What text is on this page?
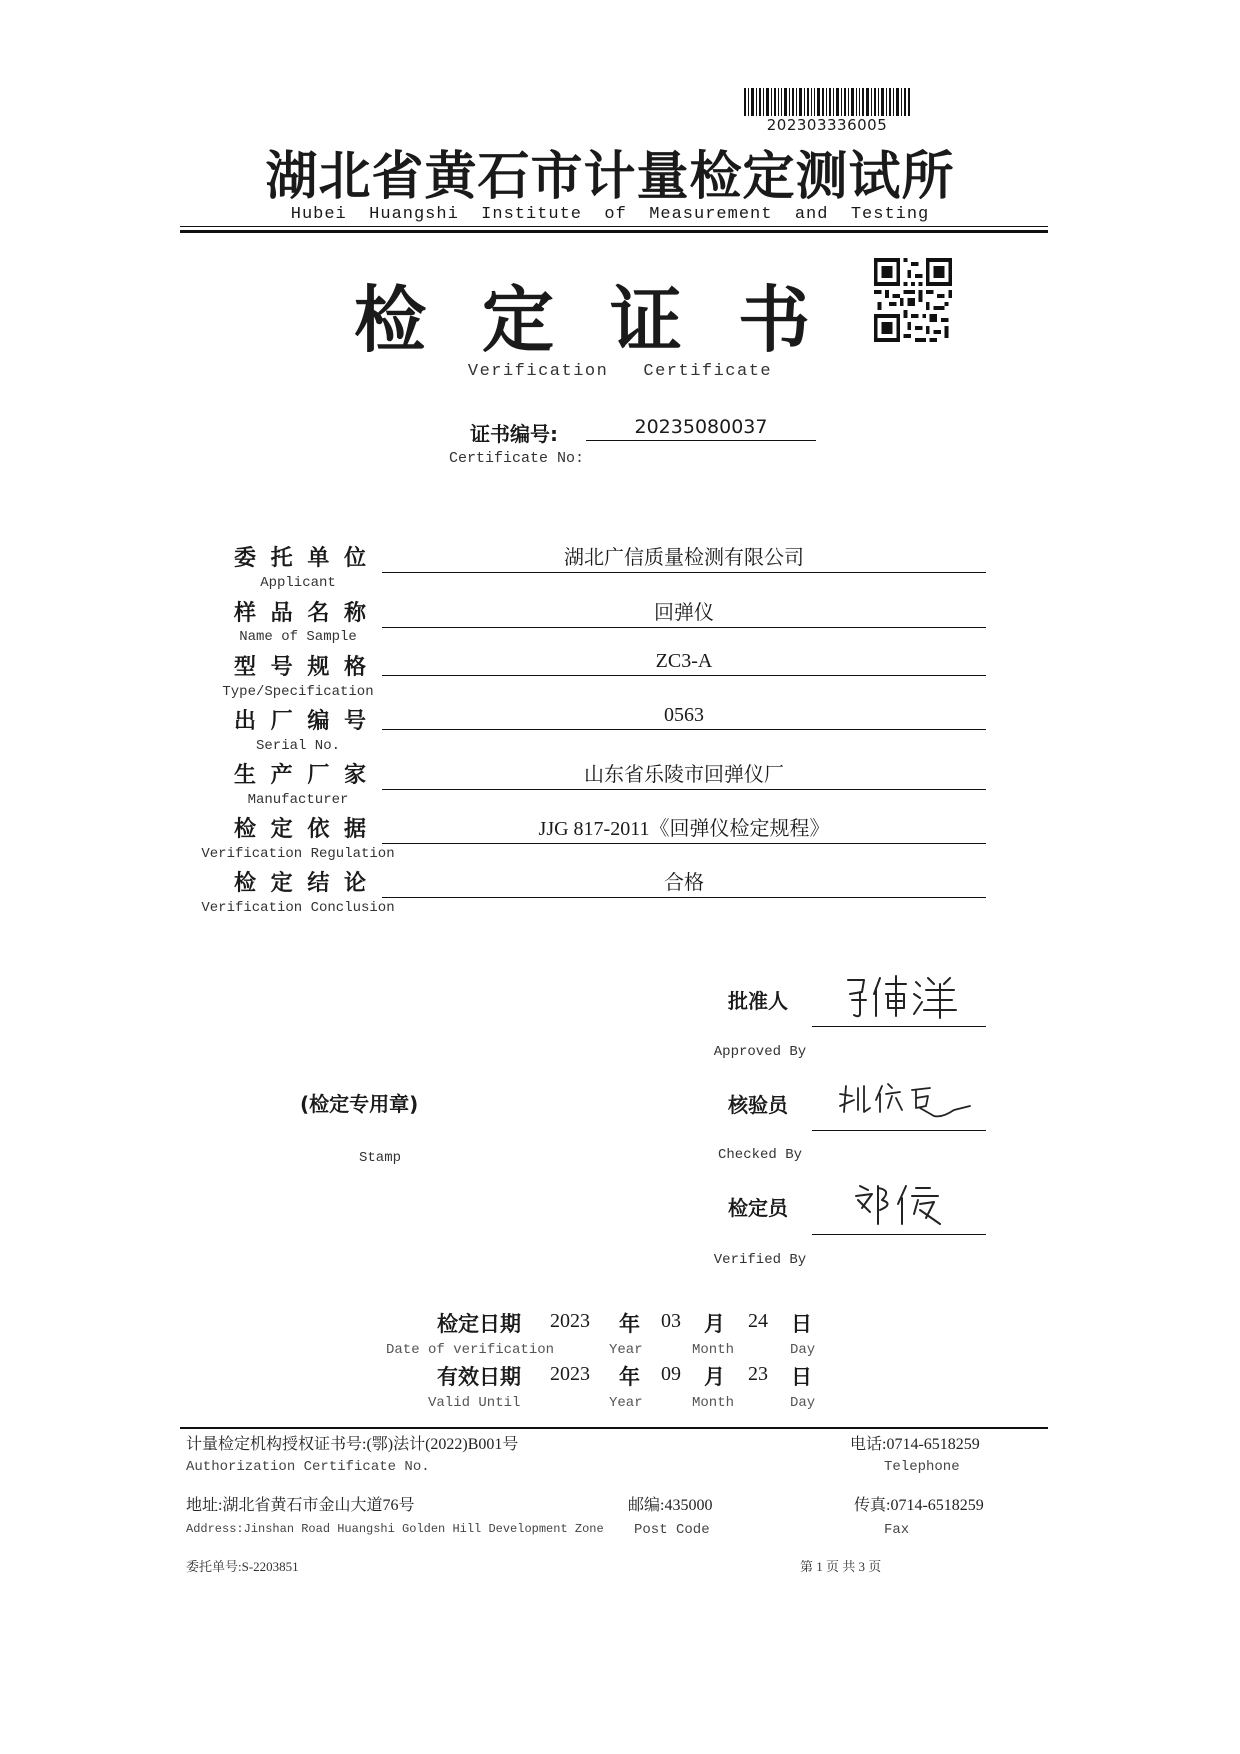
202303336005
湖北省黄石市计量检定测试所
Hubei  Huangshi  Institute  of  Measurement  and  Testing
检定证书
Verification   Certificate
证书编号:	20235080037
Certificate No:
委托单位	湖北广信质量检测有限公司
Applicant
样品名称	回弹仪
Name of Sample
型号规格	ZC3-A
Type/Specification
出厂编号	0563
Serial No.
生产厂家	山东省乐陵市回弹仪厂
Manufacturer
检定依据	JJG 817-2011《回弹仪检定规程》
Verification Regulation
检定结论	合格
Verification Conclusion
批准人
Approved By
(检定专用章)
Stamp
核验员
Checked By
检定员
Verified By
检定日期 2023 年 03 月 24 日
Date of verification	Year	Month	Day
有效日期 2023 年 09 月 23 日
Valid Until	Year	Month	Day
计量检定机构授权证书号:(鄂)法计(2022)B001号
Authorization Certificate No.
电话:0714-6518259
Telephone
地址:湖北省黄石市金山大道76号
Address:Jinshan Road Huangshi Golden Hill Development Zone
邮编:435000
Post Code
传真:0714-6518259
Fax
委托单号:S-2203851	第 1 页 共 3 页
